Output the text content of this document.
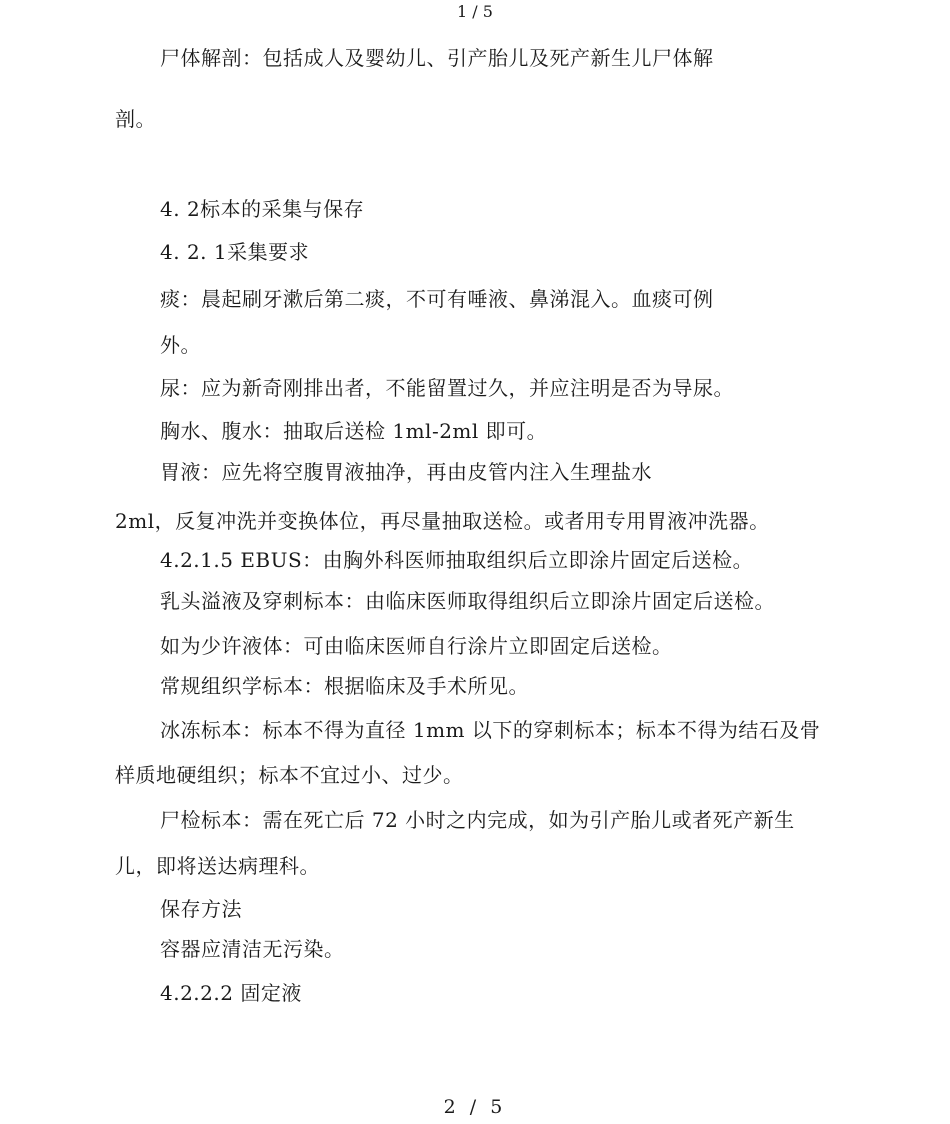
1 / 5
尸体解剖：包括成人及婴幼儿、引产胎儿及死产新生儿尸体解
剖。
4. 2标本的采集与保存
4. 2. 1采集要求
痰：晨起刷牙漱后第二痰，不可有唾液、鼻涕混入。血痰可例
外。
尿：应为新奇刚排出者，不能留置过久，并应注明是否为导尿。
胸水、腹水：抽取后送检 1ml-2ml 即可。
胃液：应先将空腹胃液抽净，再由皮管内注入生理盐水
2ml，反复冲洗并变换体位，再尽量抽取送检。或者用专用胃液冲洗器。
4.2.1.5 EBUS：由胸外科医师抽取组织后立即涂片固定后送检。
乳头溢液及穿刺标本：由临床医师取得组织后立即涂片固定后送检。
如为少许液体：可由临床医师自行涂片立即固定后送检。
常规组织学标本：根据临床及手术所见。
冰冻标本：标本不得为直径 1mm 以下的穿刺标本；标本不得为结石及骨
样质地硬组织；标本不宜过小、过少。
尸检标本：需在死亡后 72 小时之内完成，如为引产胎儿或者死产新生
儿，即将送达病理科。
保存方法
容器应清洁无污染。
4.2.2.2 固定液
2 / 5
